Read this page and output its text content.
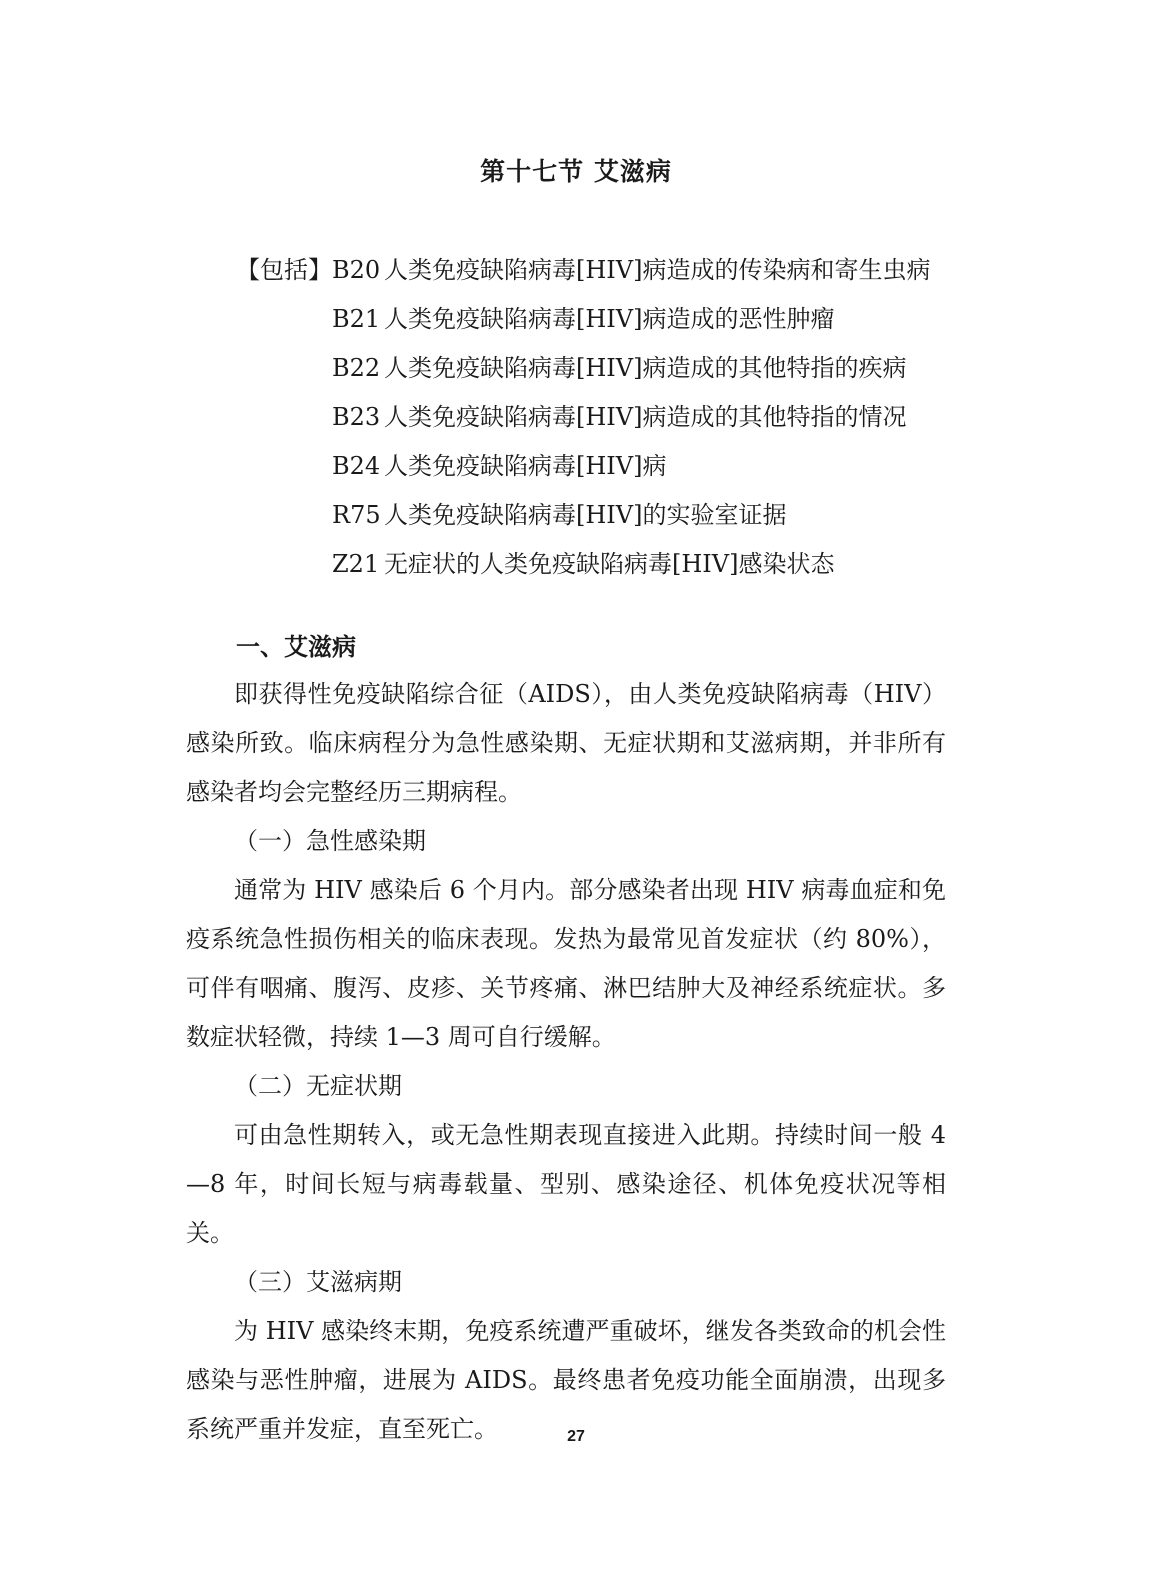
第十七节 艾滋病
【包括】B20 人类免疫缺陷病毒[HIV]病造成的传染病和寄生虫病
B21 人类免疫缺陷病毒[HIV]病造成的恶性肿瘤
B22 人类免疫缺陷病毒[HIV]病造成的其他特指的疾病
B23 人类免疫缺陷病毒[HIV]病造成的其他特指的情况
B24 人类免疫缺陷病毒[HIV]病
R75 人类免疫缺陷病毒[HIV]的实验室证据
Z21 无症状的人类免疫缺陷病毒[HIV]感染状态
一、艾滋病

即获得性免疫缺陷综合征（AIDS），由人类免疫缺陷病毒（HIV）感染所致。临床病程分为急性感染期、无症状期和艾滋病期，并非所有感染者均会完整经历三期病程。

（一）急性感染期

通常为 HIV 感染后 6 个月内。部分感染者出现 HIV 病毒血症和免疫系统急性损伤相关的临床表现。发热为最常见首发症状（约 80%），可伴有咽痛、腹泻、皮疹、关节疼痛、淋巴结肿大及神经系统症状。多数症状轻微，持续 1—3 周可自行缓解。

（二）无症状期

可由急性期转入，或无急性期表现直接进入此期。持续时间一般 4—8 年，时间长短与病毒载量、型别、感染途径、机体免疫状况等相关。

（三）艾滋病期

为 HIV 感染终末期，免疫系统遭严重破坏，继发各类致命的机会性感染与恶性肿瘤，进展为 AIDS。最终患者免疫功能全面崩溃，出现多系统严重并发症，直至死亡。	27
